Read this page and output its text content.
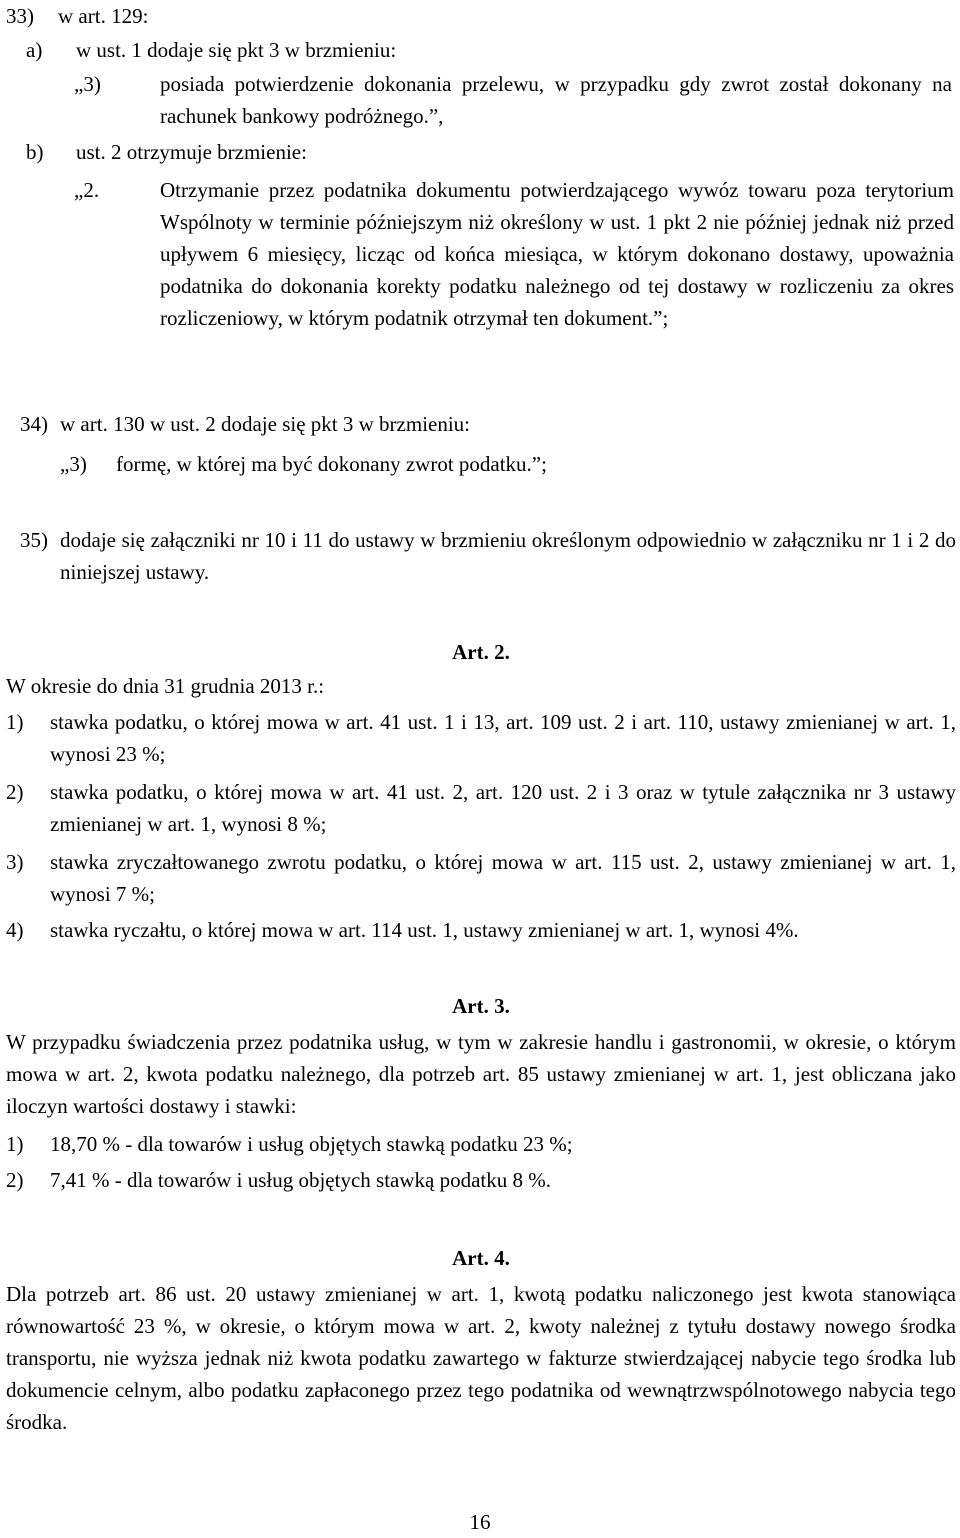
33) w art. 129:
a) w ust. 1 dodaje się pkt 3 w brzmieniu:
„3)	posiada potwierdzenie dokonania przelewu, w przypadku gdy zwrot został dokonany na rachunek bankowy podróżnego.”,
b) ust. 2 otrzymuje brzmienie:
„2.	Otrzymanie przez podatnika dokumentu potwierdzającego wywóz towaru poza terytorium Wspólnoty w terminie późniejszym niż określony w ust. 1 pkt 2 nie później jednak niż przed upływem 6 miesięcy, licząc od końca miesiąca, w którym dokonano dostawy, upoważnia podatnika do dokonania korekty podatku należnego od tej dostawy w rozliczeniu za okres rozliczeniowy, w którym podatnik otrzymał ten dokument.”;
34) w art. 130 w ust. 2 dodaje się pkt 3 w brzmieniu:
„3) formę, w której ma być dokonany zwrot podatku.”;
35) dodaje się załączniki nr 10 i 11 do ustawy w brzmieniu określonym odpowiednio w załączniku nr 1 i 2 do niniejszej ustawy.
Art. 2.
W okresie do dnia 31 grudnia 2013 r.:
1) stawka podatku, o której mowa w art. 41 ust. 1 i 13, art. 109 ust. 2 i art. 110, ustawy zmienianej w art. 1, wynosi 23 %;
2) stawka podatku, o której mowa w art. 41 ust. 2, art. 120 ust. 2 i 3 oraz w tytule załącznika nr 3 ustawy zmienianej w art. 1, wynosi 8 %;
3) stawka zryczałtowanego zwrotu podatku, o której mowa w art. 115 ust. 2, ustawy zmienianej w art. 1, wynosi 7 %;
4) stawka ryczałtu, o której mowa w art. 114 ust. 1, ustawy zmienianej w art. 1, wynosi 4%.
Art. 3.
W przypadku świadczenia przez podatnika usług, w tym w zakresie handlu i gastronomii, w okresie, o którym mowa w art. 2, kwota podatku należnego, dla potrzeb art. 85 ustawy zmienianej w art. 1, jest obliczana jako iloczyn wartości dostawy i stawki:
1) 18,70 % - dla towarów i usług objętych stawką podatku 23 %;
2) 7,41 % - dla towarów i usług objętych stawką podatku 8 %.
Art. 4.
Dla potrzeb art. 86 ust. 20 ustawy zmienianej w art. 1, kwotą podatku naliczonego jest kwota stanowiąca równowartość 23 %, w okresie, o którym mowa w art. 2, kwoty należnej z tytułu dostawy nowego środka transportu, nie wyższa jednak niż kwota podatku zawartego w fakturze stwierdzającej nabycie tego środka lub dokumencie celnym, albo podatku zapłaconego przez tego podatnika od wewnątrzwspólnotowego nabycia tego środka.
16
